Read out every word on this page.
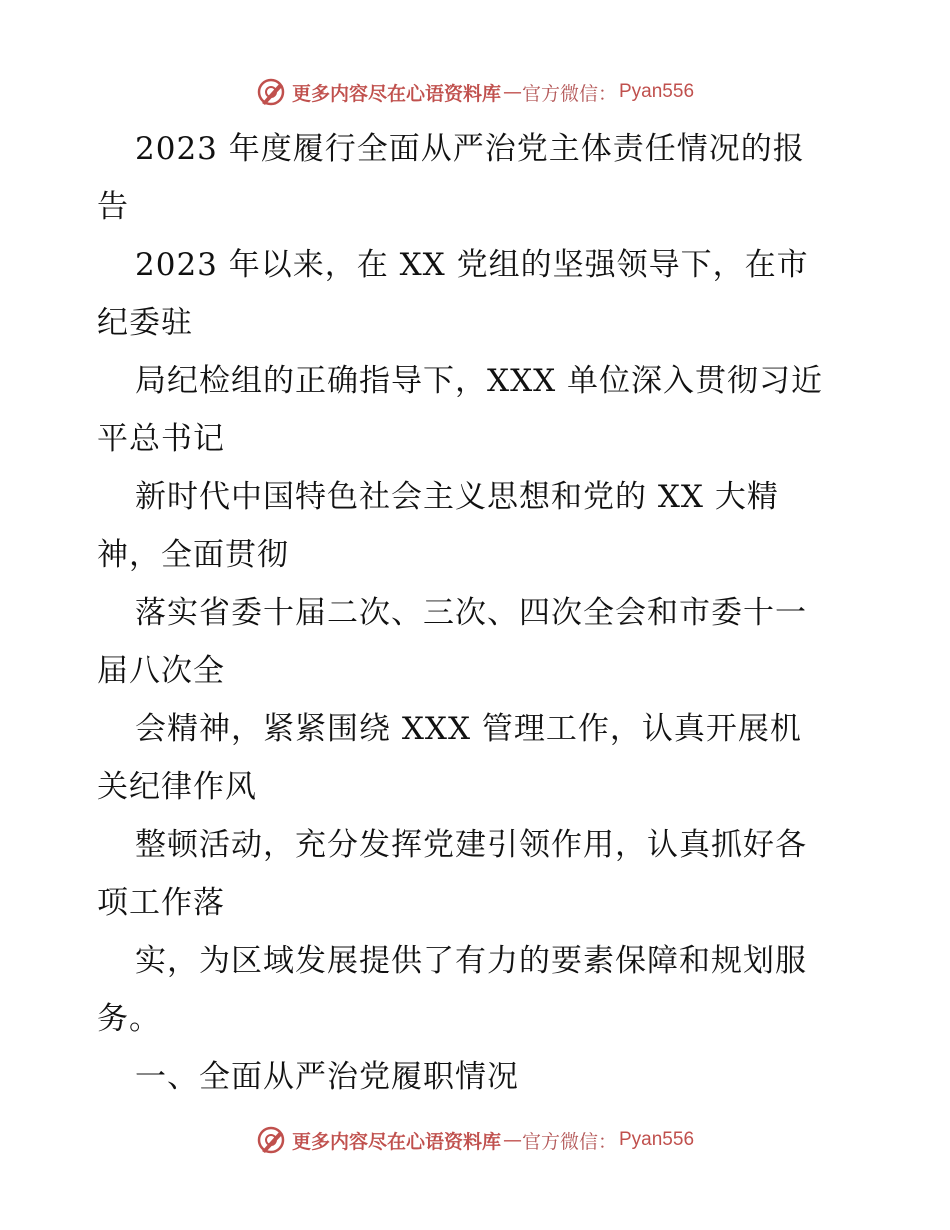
更多内容尽在心语资料库 — 官方微信： Pyan556
2023 年度履行全面从严治党主体责任情况的报
告
2023 年以来，在 XX 党组的坚强领导下，在市
纪委驻
局纪检组的正确指导下，XXX 单位深入贯彻习近
平总书记
新时代中国特色社会主义思想和党的 XX 大精
神，全面贯彻
落实省委十届二次、三次、四次全会和市委十一
届八次全
会精神，紧紧围绕 XXX 管理工作，认真开展机
关纪律作风
整顿活动，充分发挥党建引领作用，认真抓好各
项工作落
实，为区域发展提供了有力的要素保障和规划服
务。
一、全面从严治党履职情况
更多内容尽在心语资料库 — 官方微信： Pyan556
